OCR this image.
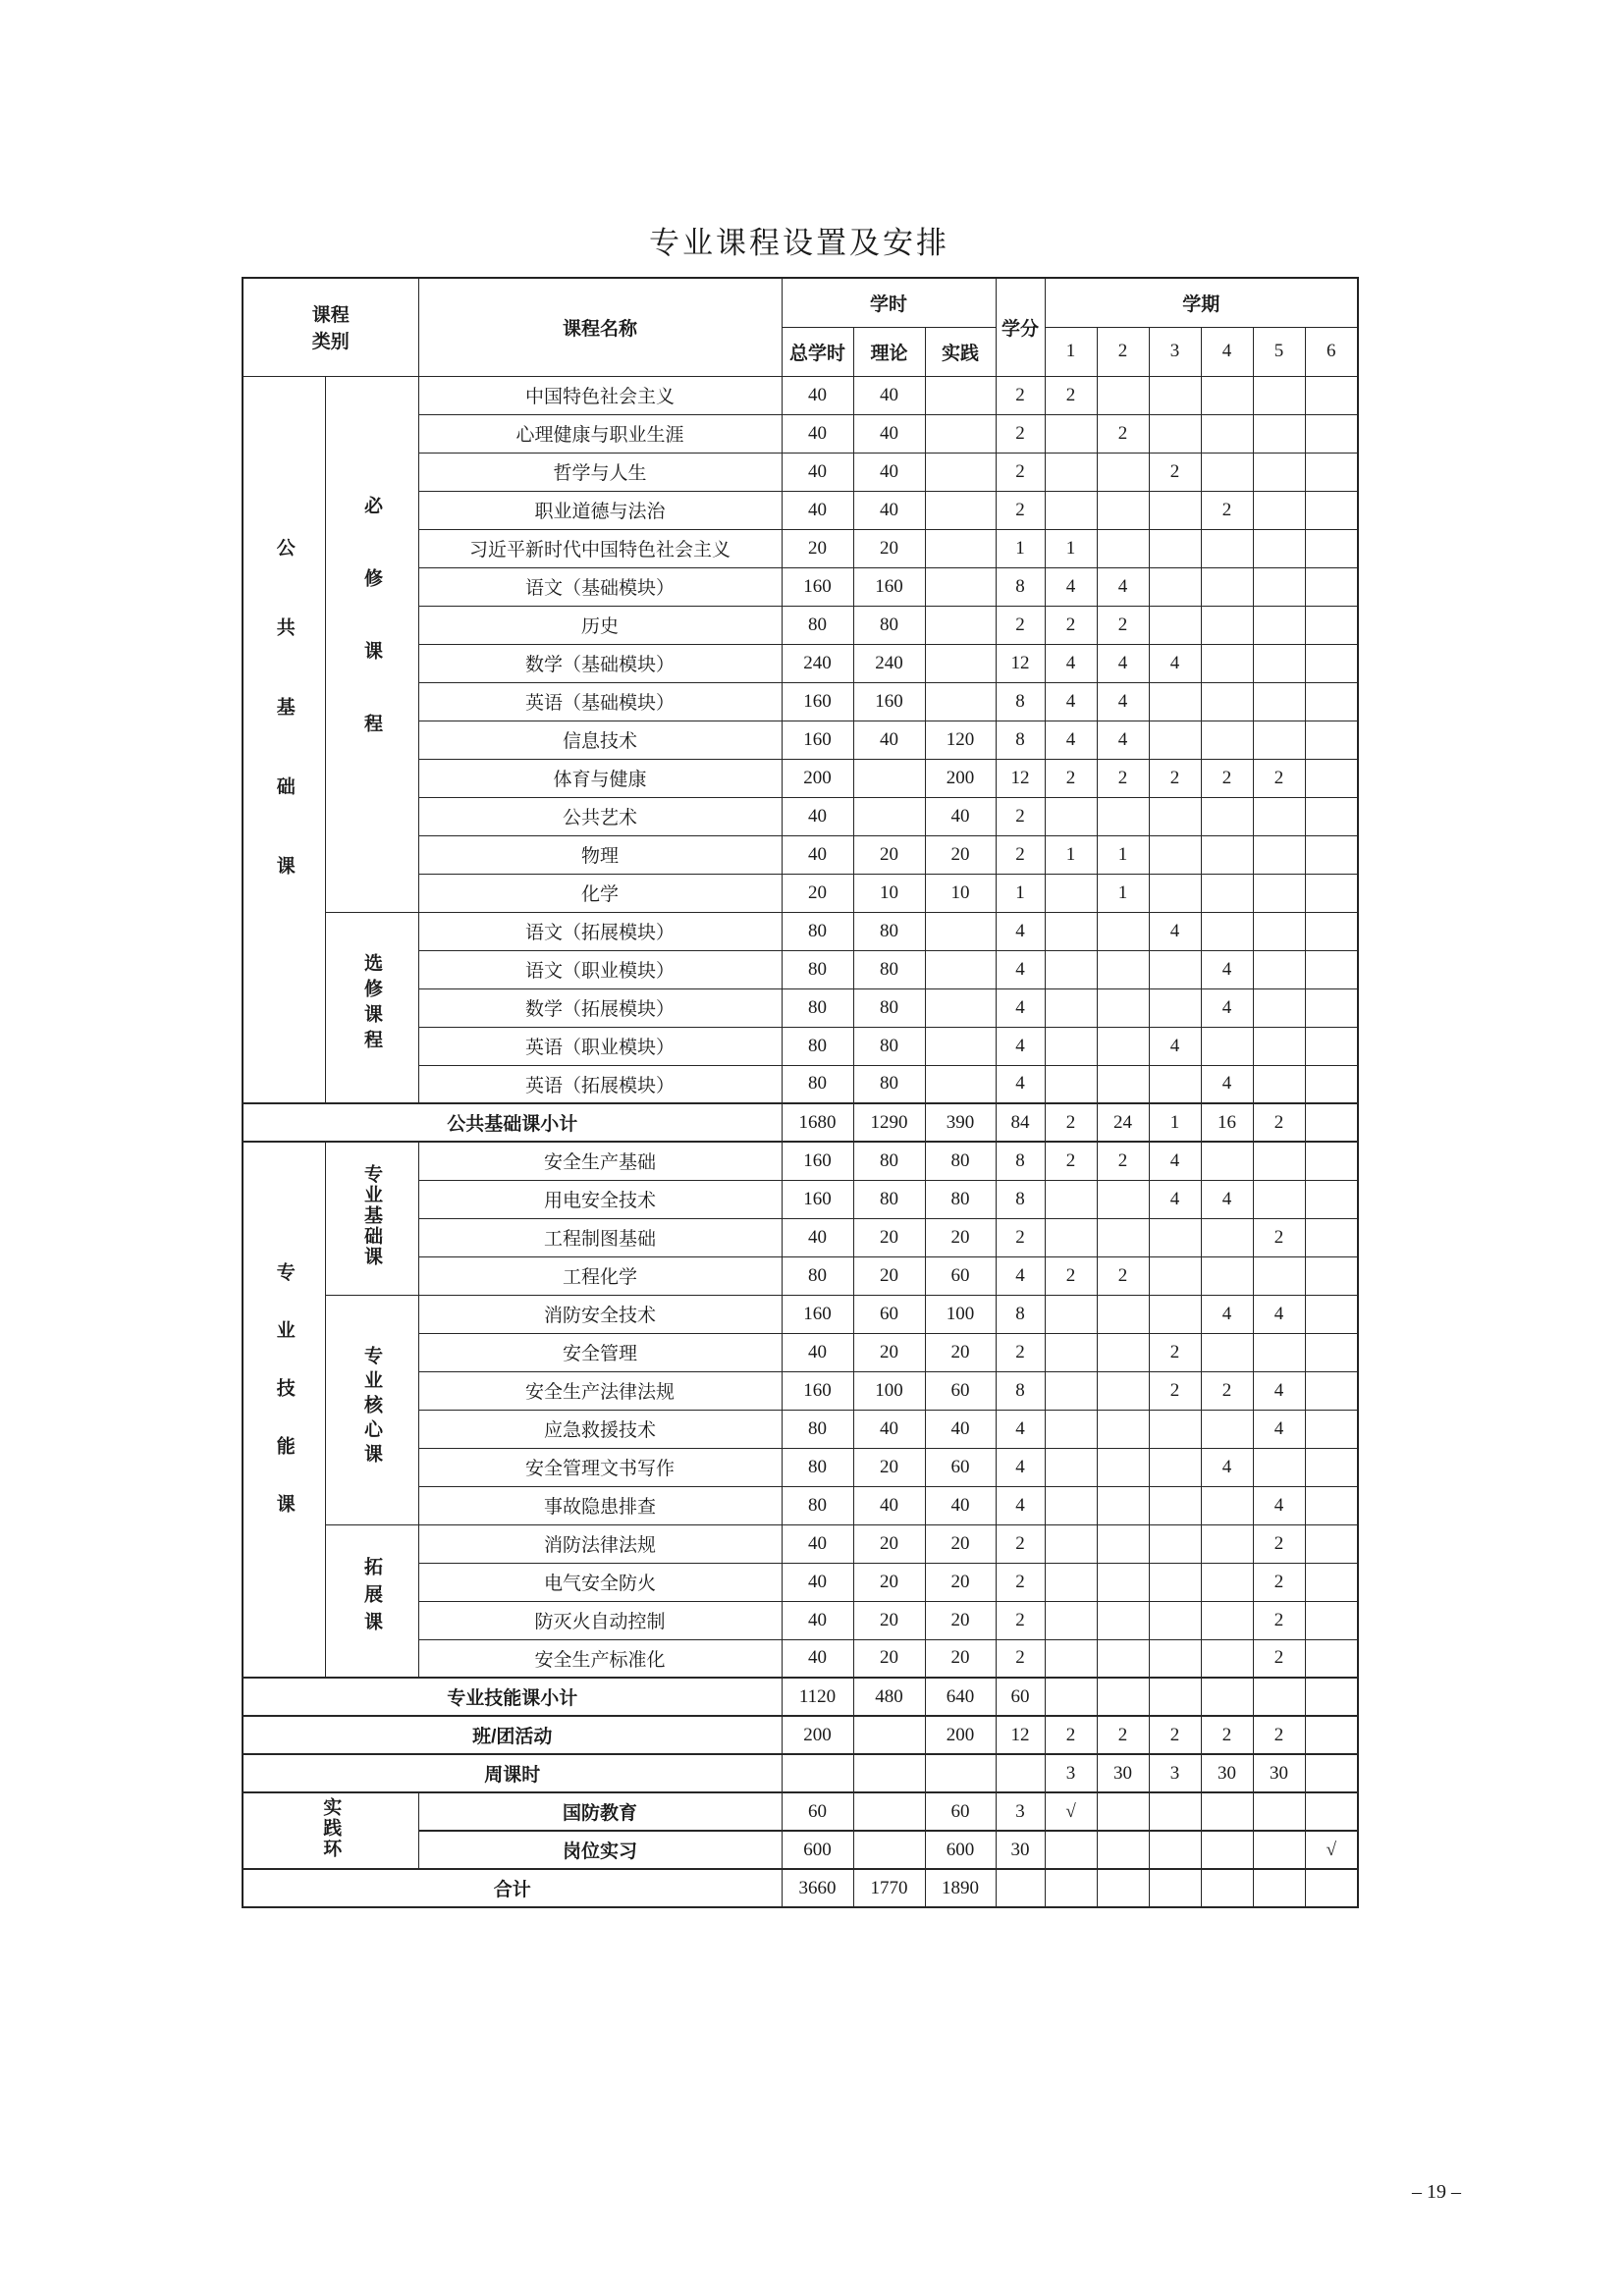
专业课程设置及安排
课程
类别		课程名称	学时			学分	学期					
			总学时	理论	实践		1	2	3	4	5	6
公共基础课	必修课程	中国特色社会主义	40	40		2	2					
		心理健康与职业生涯	40	40		2		2				
		哲学与人生	40	40		2			2			
		职业道德与法治	40	40		2				2		
		习近平新时代中国特色社会主义	20	20		1	1					
		语文（基础模块）	160	160		8	4	4				
		历史	80	80		2	2	2				
		数学（基础模块）	240	240		12	4	4	4			
		英语（基础模块）	160	160		8	4	4				
		信息技术	160	40	120	8	4	4				
		体育与健康	200		200	12	2	2	2	2	2	
		公共艺术	40		40	2						
		物理	40	20	20	2	1	1				
		化学	20	10	10	1		1				
	选修课程	语文（拓展模块）	80	80		4			4			
		语文（职业模块）	80	80		4				4		
		数学（拓展模块）	80	80		4				4		
		英语（职业模块）	80	80		4			4			
		英语（拓展模块）	80	80		4				4		
公共基础课小计			1680	1290	390	84	2	24	1	16	2	
专业技能课	专业基础课	安全生产基础	160	80	80	8	2	2	4			
		用电安全技术	160	80	80	8			4	4		
		工程制图基础	40	20	20	2					2	
		工程化学	80	20	60	4	2	2				
	专业核心课	消防安全技术	160	60	100	8				4	4	
		安全管理	40	20	20	2			2			
		安全生产法律法规	160	100	60	8			2	2	4	
		应急救援技术	80	40	40	4					4	
		安全管理文书写作	80	20	60	4				4		
		事故隐患排查	80	40	40	4					4	
	拓展课	消防法律法规	40	20	20	2					2	
		电气安全防火	40	20	20	2					2	
		防灭火自动控制	40	20	20	2					2	
		安全生产标准化	40	20	20	2					2	
专业技能课小计			1120	480	640	60						
班/团活动			200		200	12	2	2	2	2	2	
周课时							3	30	3	30	30	
实践环		国防教育	60		60	3	√					
		岗位实习	600		600	30						√
合计			3660	1770	1890							
– 19 –
